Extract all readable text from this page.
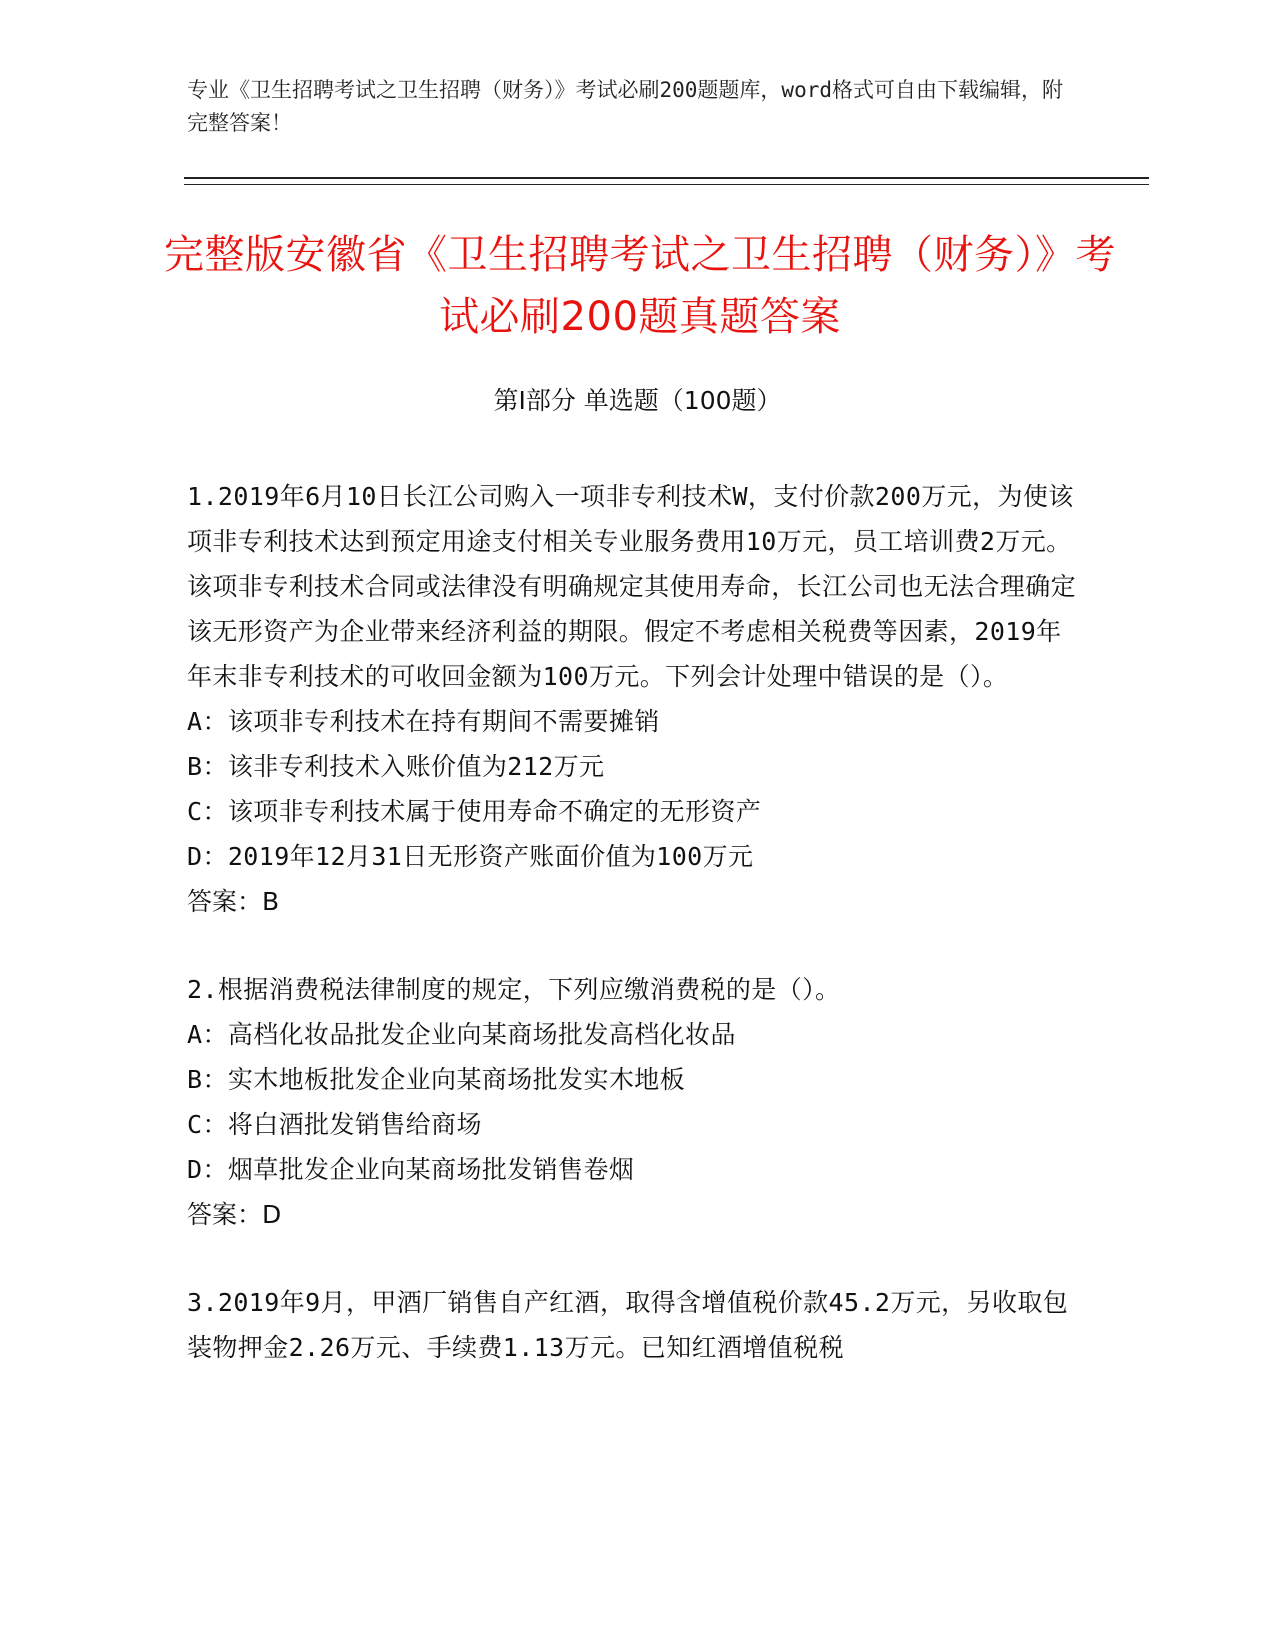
专业《卫生招聘考试之卫生招聘（财务）》考试必刷200题题库，word格式可自由下载编辑，附完整答案！
完整版安徽省《卫生招聘考试之卫生招聘（财务）》考试必刷200题真题答案
第I部分 单选题（100题）
1.2019年6月10日长江公司购入一项非专利技术W，支付价款200万元，为使该项非专利技术达到预定用途支付相关专业服务费用10万元，员工培训费2万元。该项非专利技术合同或法律没有明确规定其使用寿命，长江公司也无法合理确定该无形资产为企业带来经济利益的期限。假定不考虑相关税费等因素，2019年年末非专利技术的可收回金额为100万元。下列会计处理中错误的是（）。
A：该项非专利技术在持有期间不需要摊销
B：该非专利技术入账价值为212万元
C：该项非专利技术属于使用寿命不确定的无形资产
D：2019年12月31日无形资产账面价值为100万元
答案：B
2.根据消费税法律制度的规定，下列应缴消费税的是（）。
A：高档化妆品批发企业向某商场批发高档化妆品
B：实木地板批发企业向某商场批发实木地板
C：将白酒批发销售给商场
D：烟草批发企业向某商场批发销售卷烟
答案：D
3.2019年9月，甲酒厂销售自产红酒，取得含增值税价款45.2万元，另收取包装物押金2.26万元、手续费1.13万元。已知红酒增值税税
